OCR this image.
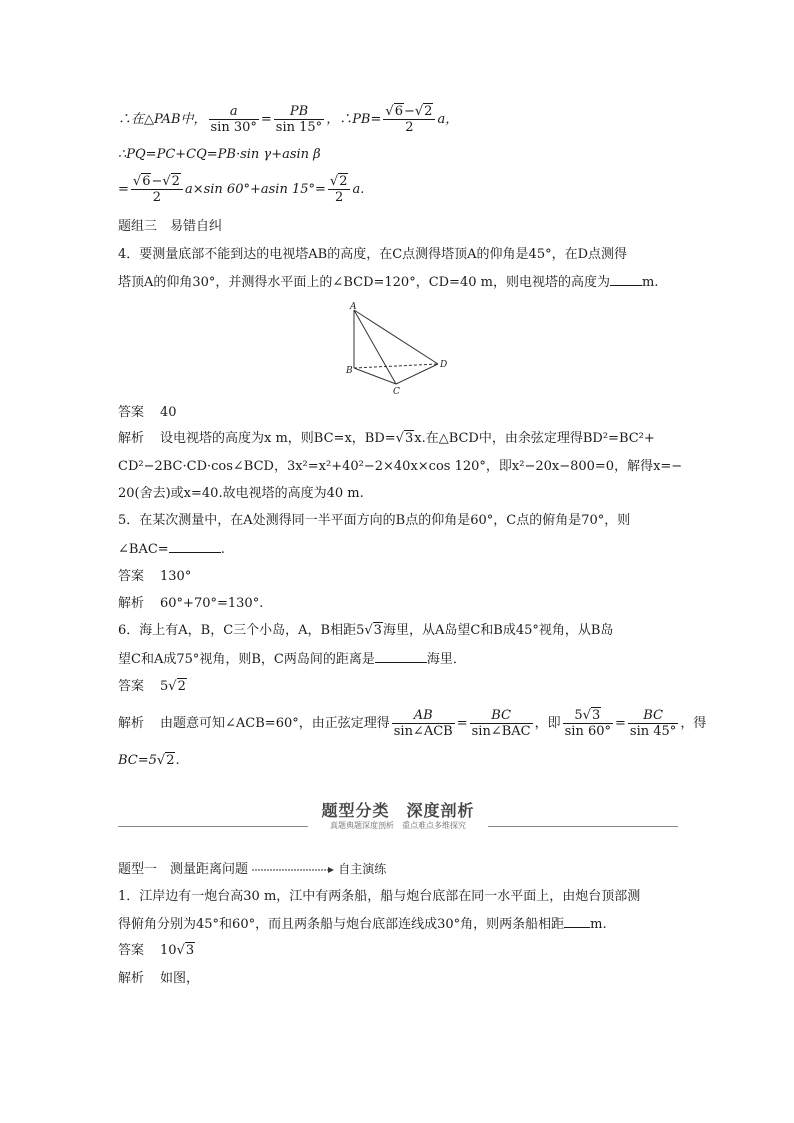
∴在△PAB中， $\frac{a}{\sin 30^\circ} = \frac{PB}{\sin 15^\circ}$ ，∴PB= $\frac{√6-√2}{2}$ a，
∴PQ=PC+CQ=PB·sin γ+asin β
= $\frac{√6-√2}{2} a\times\sin$ 60°+asin $15^\circ= \frac{√2}{2} a$.
题组三　易错自纠
4．要测量底部不能到达的电视塔AB的高度，在C点测得塔顶A的仰角是45°，在D点测得
塔顶A的仰角30°，并测得水平面上的∠BCD=120°，CD=40 m，则电视塔的高度为 m.
A
B
C
D
答案 40
解析 设电视塔的高度为x m，则BC=x，BD=√3x.在△BCD中，由余弦定理得BD²=BC²+
CD²−2BC·CD·cos∠BCD，3x²=x²+40²−2×40x×cos 120°，即x²−20x−800=0，解得x=−
20(舍去)或x=40.故电视塔的高度为40 m.
5．在某次测量中，在A处测得同一半平面方向的B点的仰角是60°，C点的俯角是70°，则
∠BAC=	.
答案 130°
解析 60°+70°=130°.
6．海上有A，B，C三个小岛，A，B相距5√3海里，从A岛望C和B成45°视角，从B岛
望C和A成75°视角，则B，C两岛间的距离是	海里．
答案 5√2
解析 由题意可知∠ACB=60°，由正弦定理得 $\frac{AB}{\text{sin∠ACB}} = \frac{BC}{\text{sin∠BAC}}$ ，即 $\frac{5√3}{\sin 60^\circ} = \frac{BC}{\sin 45^\circ}$ ，得
BC=5√2.
题型分类　深度剖析
真题典题深度剖析　重点难点多维探究
题型一　测量距离问题	自主演练
1．江岸边有一炮台高30 m，江中有两条船，船与炮台底部在同一水平面上，由炮台顶部测
得俯角分别为45°和60°，而且两条船与炮台底部连线成30°角，则两条船相距 m.
答案 10√3
解析 如图，
